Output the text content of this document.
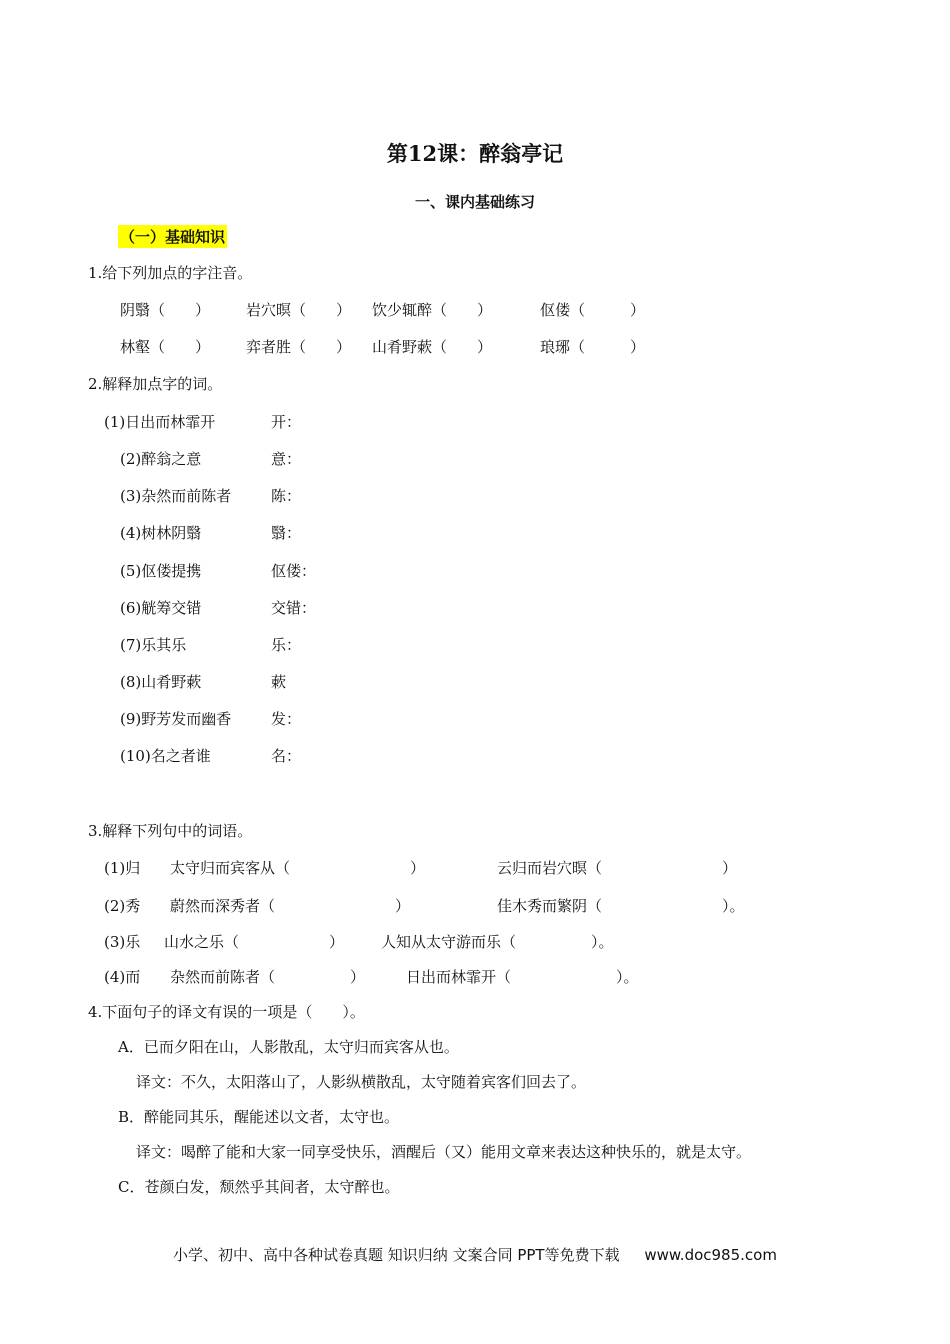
第12课：醉翁亭记
一、课内基础练习
（一）基础知识
1.给下列加点的字注音。
阴翳（　　） 岩穴暝（　　） 饮少辄醉（　　）	伛偻（　　　）
林壑（　　） 弈者胜（　　） 山肴野蔌（　　）	琅琊（　　　）
2.解释加点字的词。
(1)日出而林霏开	开：
(2)醉翁之意	意：
(3)杂然而前陈者	陈：
(4)树林阴翳	翳：
(5)伛偻提携	伛偻：
(6)觥筹交错	交错：
(7)乐其乐	乐：
(8)山肴野蔌	蔌
(9)野芳发而幽香	发：
(10)名之者谁	名：
3.解释下列句中的词语。
(1)归 太守归而宾客从（　　　　　　　　）	云归而岩穴暝（　　　　　　　　）
(2)秀 蔚然而深秀者（　　　　　　　　）	佳木秀而繁阴（　　　　　　　　）。
(3)乐 山水之乐（　　　　　　） 人知从太守游而乐（　　　　　）。
(4)而 杂然而前陈者（　　　　　）	日出而林霏开（　　　　　　　）。
4.下面句子的译文有误的一项是（　　）。
A．已而夕阳在山，人影散乱，太守归而宾客从也。
译文：不久，太阳落山了，人影纵横散乱，太守随着宾客们回去了。
B．醉能同其乐，醒能述以文者，太守也。
译文：喝醉了能和大家一同享受快乐，酒醒后（又）能用文章来表达这种快乐的，就是太守。
C．苍颜白发，颓然乎其间者，太守醉也。
小学、初中、高中各种试卷真题 知识归纳 文案合同 PPT等免费下载 www.doc985.com
